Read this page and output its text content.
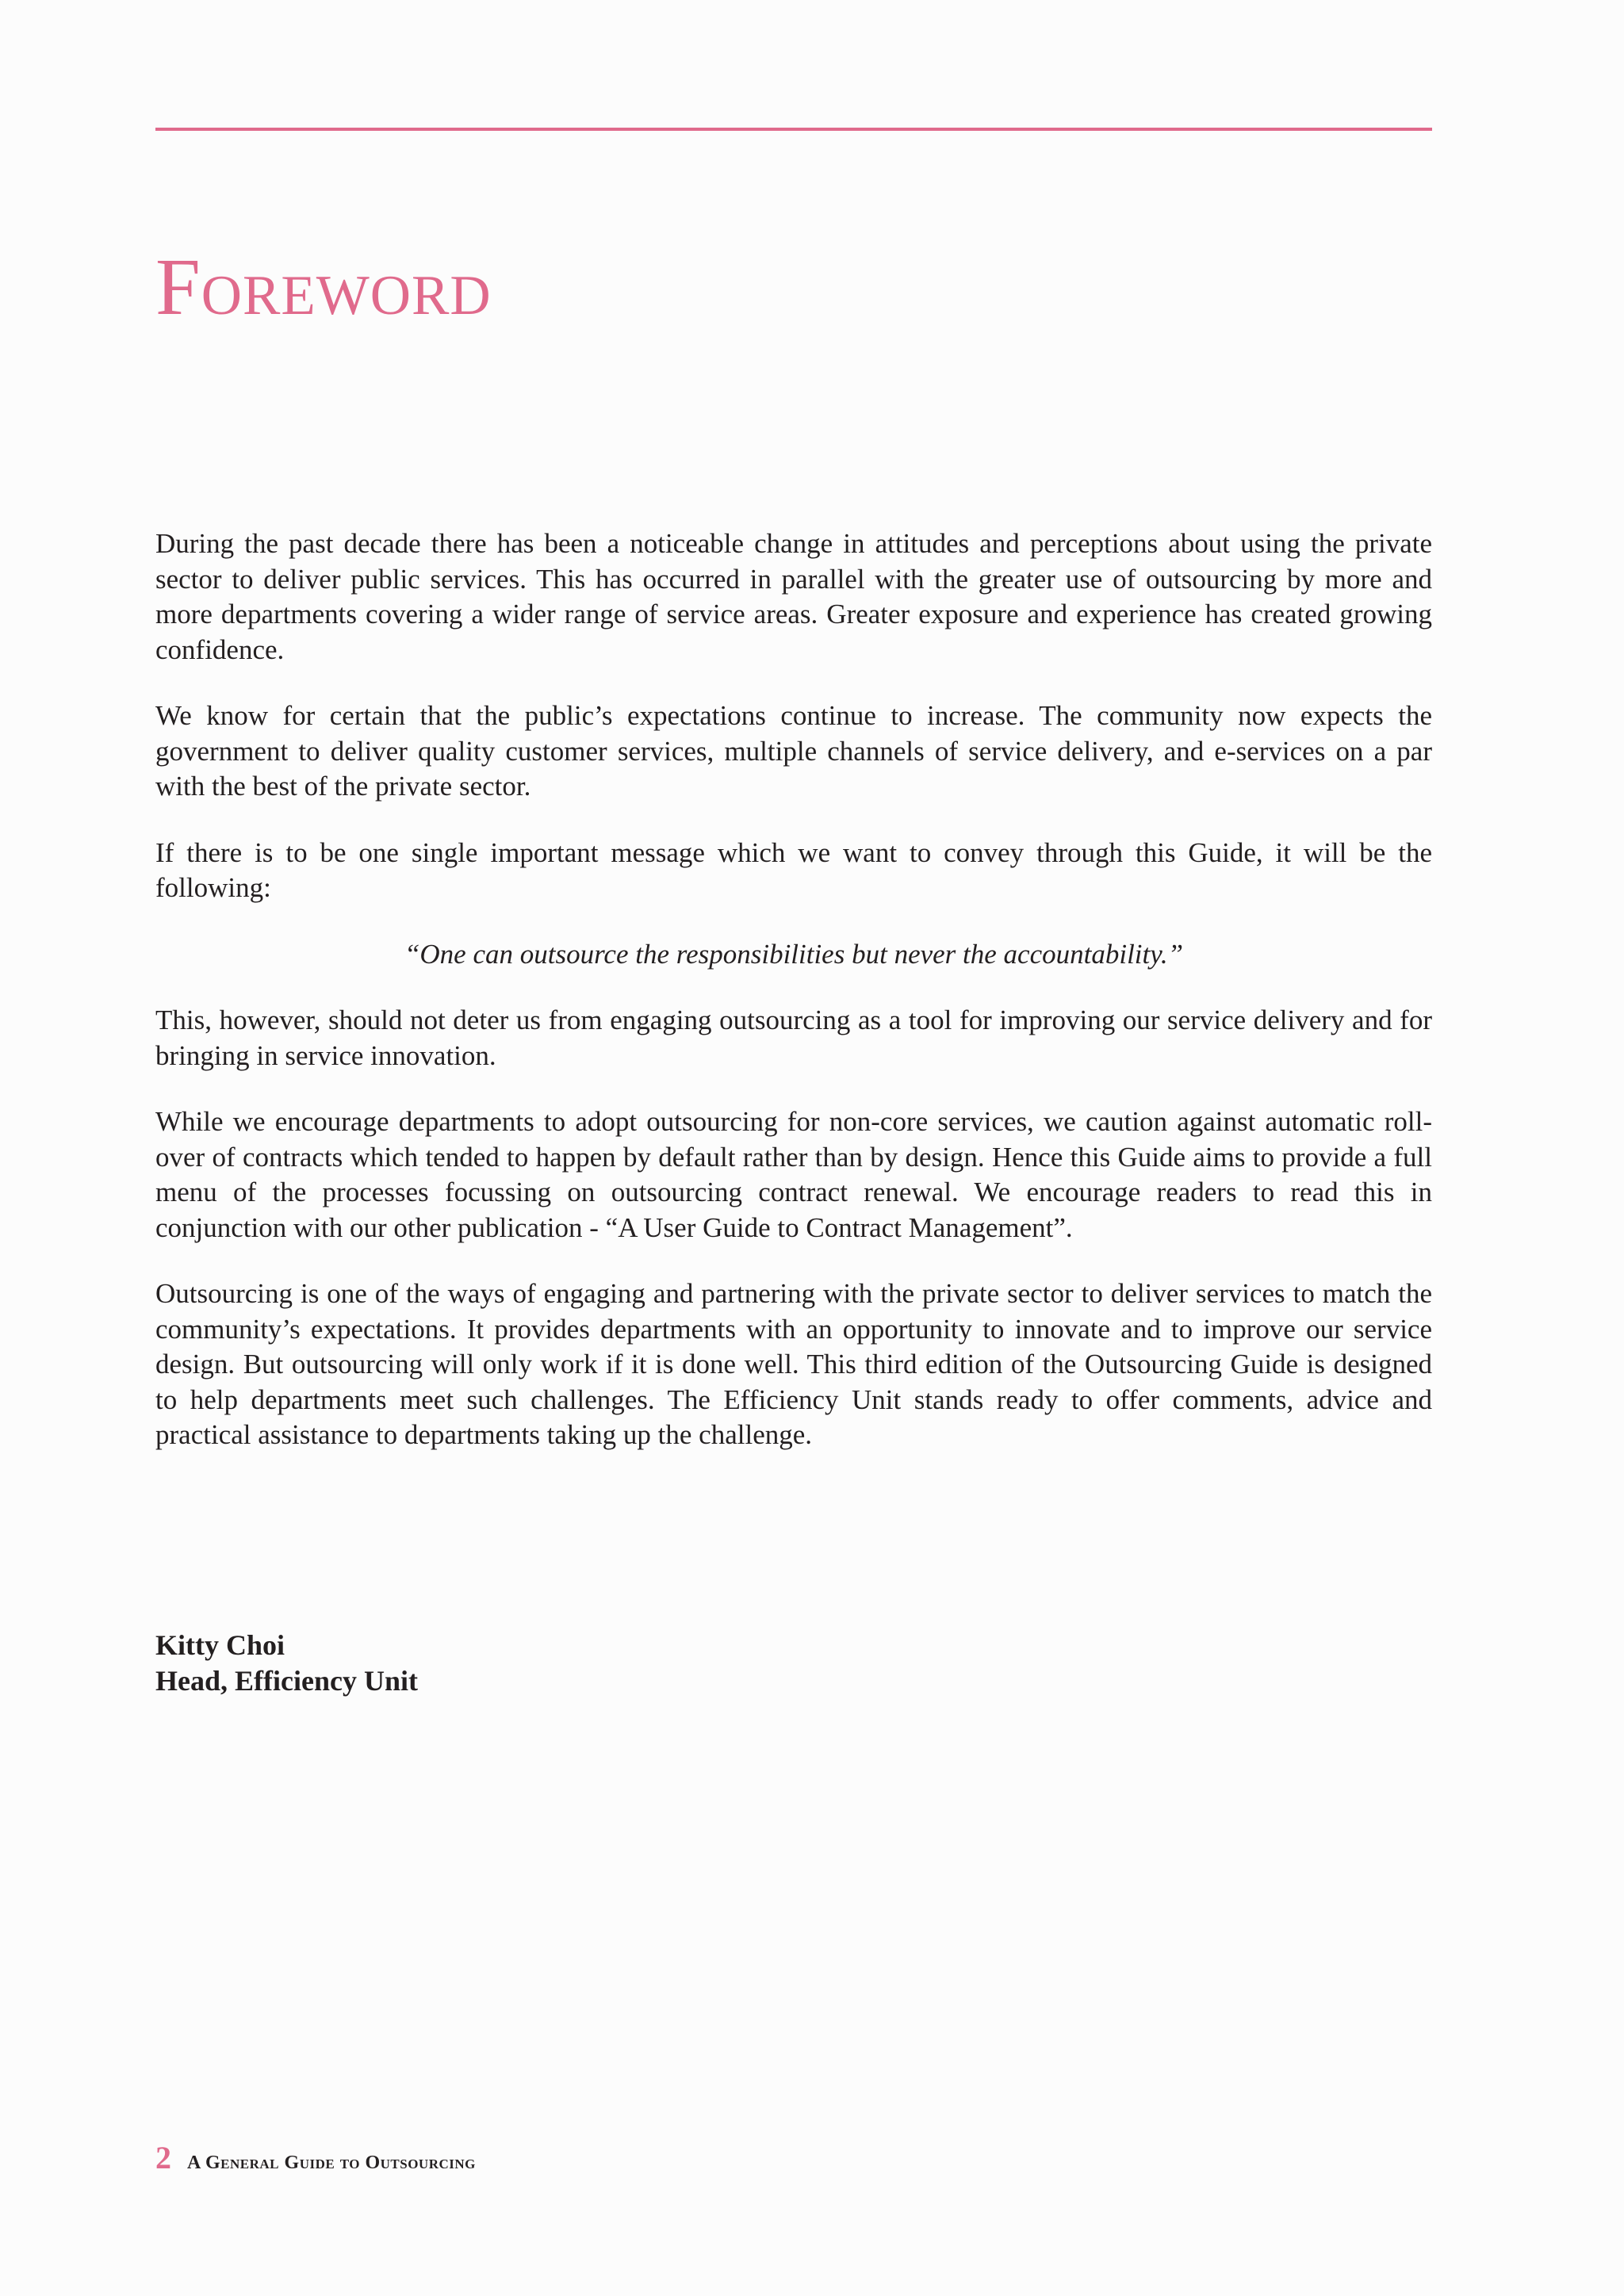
Foreword

During the past decade there has been a noticeable change in attitudes and perceptions about using the private sector to deliver public services. This has occurred in parallel with the greater use of outsourcing by more and more departments covering a wider range of service areas. Greater exposure and experience has created growing confidence.

We know for certain that the public’s expectations continue to increase. The community now expects the government to deliver quality customer services, multiple channels of service delivery, and e-services on a par with the best of the private sector.

If there is to be one single important message which we want to convey through this Guide, it will be the following:

“One can outsource the responsibilities but never the accountability.”

This, however, should not deter us from engaging outsourcing as a tool for improving our service delivery and for bringing in service innovation.

While we encourage departments to adopt outsourcing for non-core services, we caution against automatic roll-over of contracts which tended to happen by default rather than by design. Hence this Guide aims to provide a full menu of the processes focussing on outsourcing contract renewal. We encourage readers to read this in conjunction with our other publication - “A User Guide to Contract Management”.

Outsourcing is one of the ways of engaging and partnering with the private sector to deliver services to match the community’s expectations. It provides departments with an opportunity to innovate and to improve our service design. But outsourcing will only work if it is done well. This third edition of the Outsourcing Guide is designed to help departments meet such challenges. The Efficiency Unit stands ready to offer comments, advice and practical assistance to departments taking up the challenge.

Kitty Choi
Head, Efficiency Unit
2 A General Guide to Outsourcing
